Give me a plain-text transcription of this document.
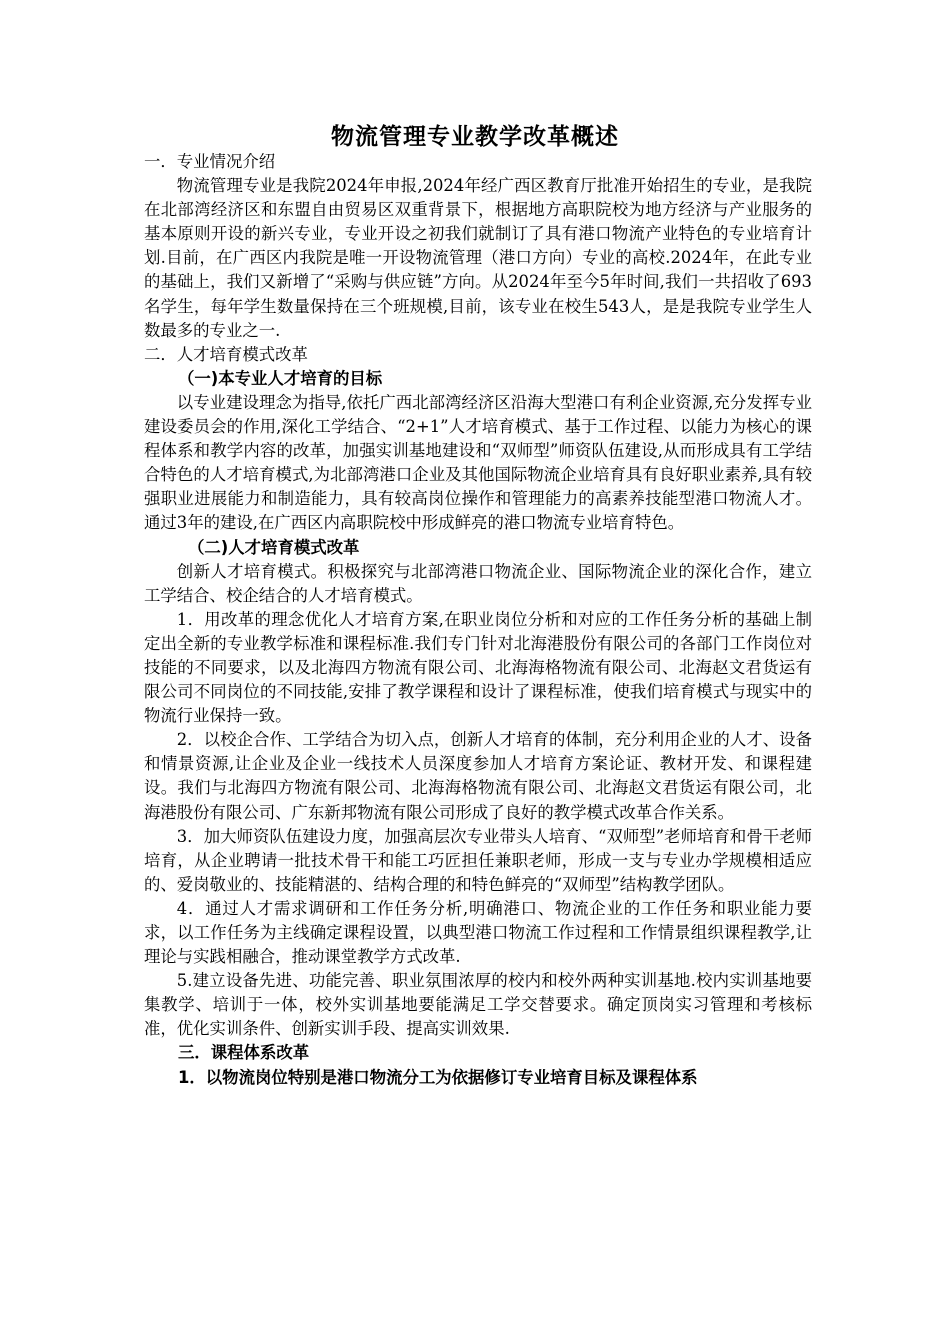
物流管理专业教学改革概述

一．专业情况介绍

物流管理专业是我院2024年申报,2024年经广西区教育厅批准开始招生的专业，是我院在北部湾经济区和东盟自由贸易区双重背景下，根据地方高职院校为地方经济与产业服务的基本原则开设的新兴专业，专业开设之初我们就制订了具有港口物流产业特色的专业培育计划.目前，在广西区内我院是唯一开设物流管理（港口方向）专业的高校.2024年，在此专业的基础上，我们又新增了“采购与供应链”方向。从2024年至今5年时间,我们一共招收了693名学生，每年学生数量保持在三个班规模,目前，该专业在校生543人，是是我院专业学生人数最多的专业之一.

二．人才培育模式改革

（一)本专业人才培育的目标

以专业建设理念为指导,依托广西北部湾经济区沿海大型港口有利企业资源,充分发挥专业建设委员会的作用,深化工学结合、“2+1”人才培育模式、基于工作过程、以能力为核心的课程体系和教学内容的改革，加强实训基地建设和“双师型”师资队伍建设,从而形成具有工学结合特色的人才培育模式,为北部湾港口企业及其他国际物流企业培育具有良好职业素养,具有较强职业进展能力和制造能力，具有较高岗位操作和管理能力的高素养技能型港口物流人才。通过3年的建设,在广西区内高职院校中形成鲜亮的港口物流专业培育特色。

（二)人才培育模式改革

创新人才培育模式。积极探究与北部湾港口物流企业、国际物流企业的深化合作，建立工学结合、校企结合的人才培育模式。

1．用改革的理念优化人才培育方案,在职业岗位分析和对应的工作任务分析的基础上制定出全新的专业教学标准和课程标准.我们专门针对北海港股份有限公司的各部门工作岗位对技能的不同要求，以及北海四方物流有限公司、北海海格物流有限公司、北海赵文君货运有限公司不同岗位的不同技能,安排了教学课程和设计了课程标准，使我们培育模式与现实中的物流行业保持一致。

2．以校企合作、工学结合为切入点，创新人才培育的体制，充分利用企业的人才、设备和情景资源,让企业及企业一线技术人员深度参加人才培育方案论证、教材开发、和课程建设。我们与北海四方物流有限公司、北海海格物流有限公司、北海赵文君货运有限公司，北海港股份有限公司、广东新邦物流有限公司形成了良好的教学模式改革合作关系。

3．加大师资队伍建设力度，加强高层次专业带头人培育、“双师型”老师培育和骨干老师培育，从企业聘请一批技术骨干和能工巧匠担任兼职老师，形成一支与专业办学规模相适应的、爱岗敬业的、技能精湛的、结构合理的和特色鲜亮的“双师型”结构教学团队。

4．通过人才需求调研和工作任务分析,明确港口、物流企业的工作任务和职业能力要求，以工作任务为主线确定课程设置，以典型港口物流工作过程和工作情景组织课程教学,让理论与实践相融合，推动课堂教学方式改革.

5.建立设备先进、功能完善、职业氛围浓厚的校内和校外两种实训基地.校内实训基地要集教学、培训于一体，校外实训基地要能满足工学交替要求。确定顶岗实习管理和考核标准，优化实训条件、创新实训手段、提高实训效果.

三．课程体系改革

1．以物流岗位特别是港口物流分工为依据修订专业培育目标及课程体系
